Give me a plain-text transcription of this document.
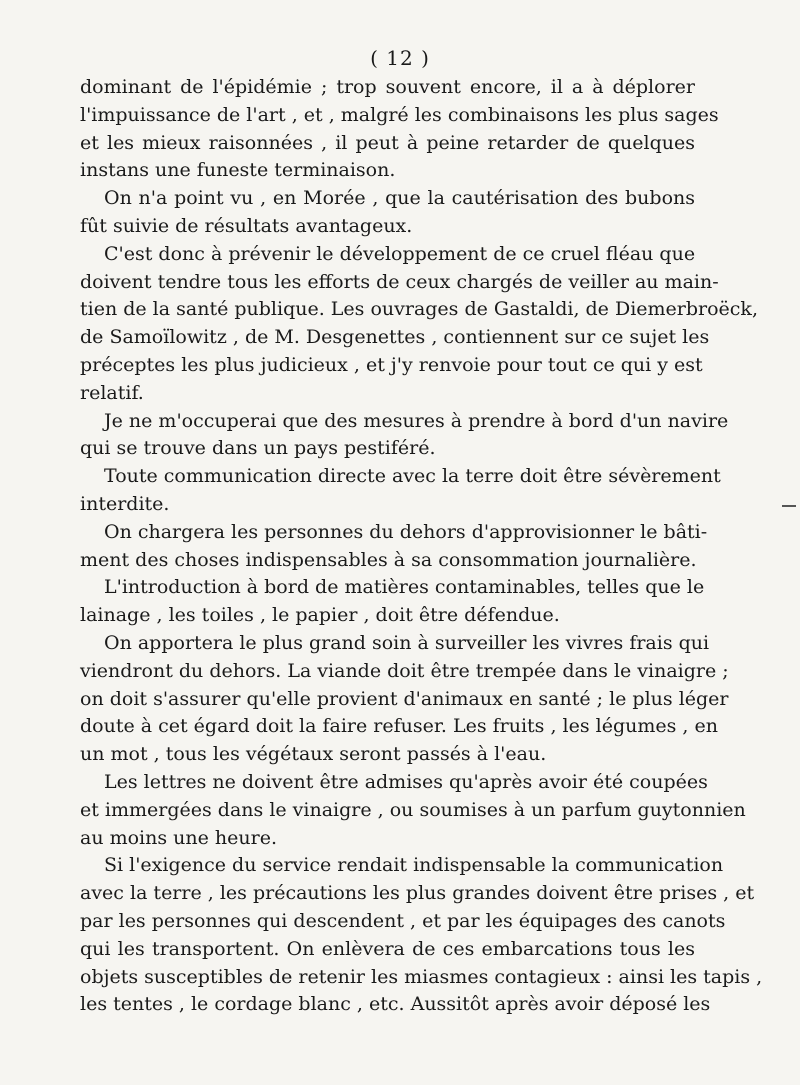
( 12 )
dominant de l'épidémie ; trop souvent encore, il a à déplorer
l'impuissance de l'art , et , malgré les combinaisons les plus sages
et les mieux raisonnées , il peut à peine retarder de quelques
instans une funeste terminaison.
On n'a point vu , en Morée , que la cautérisation des bubons
fût suivie de résultats avantageux.
C'est donc à prévenir le développement de ce cruel fléau que
doivent tendre tous les efforts de ceux chargés de veiller au main-
tien de la santé publique. Les ouvrages de Gastaldi, de Diemerbroëck,
de Samoïlowitz , de M. Desgenettes , contiennent sur ce sujet les
préceptes les plus judicieux , et j'y renvoie pour tout ce qui y est
relatif.
Je ne m'occuperai que des mesures à prendre à bord d'un navire
qui se trouve dans un pays pestiféré.
Toute communication directe avec la terre doit être sévèrement
interdite.
On chargera les personnes du dehors d'approvisionner le bâti-
ment des choses indispensables à sa consommation journalière.
L'introduction à bord de matières contaminables, telles que le
lainage , les toiles , le papier , doit être défendue.
On apportera le plus grand soin à surveiller les vivres frais qui
viendront du dehors. La viande doit être trempée dans le vinaigre ;
on doit s'assurer qu'elle provient d'animaux en santé ; le plus léger
doute à cet égard doit la faire refuser. Les fruits , les légumes , en
un mot , tous les végétaux seront passés à l'eau.
Les lettres ne doivent être admises qu'après avoir été coupées
et immergées dans le vinaigre , ou soumises à un parfum guytonnien
au moins une heure.
Si l'exigence du service rendait indispensable la communication
avec la terre , les précautions les plus grandes doivent être prises , et
par les personnes qui descendent , et par les équipages des canots
qui les transportent. On enlèvera de ces embarcations tous les
objets susceptibles de retenir les miasmes contagieux : ainsi les tapis ,
les tentes , le cordage blanc , etc. Aussitôt après avoir déposé les
